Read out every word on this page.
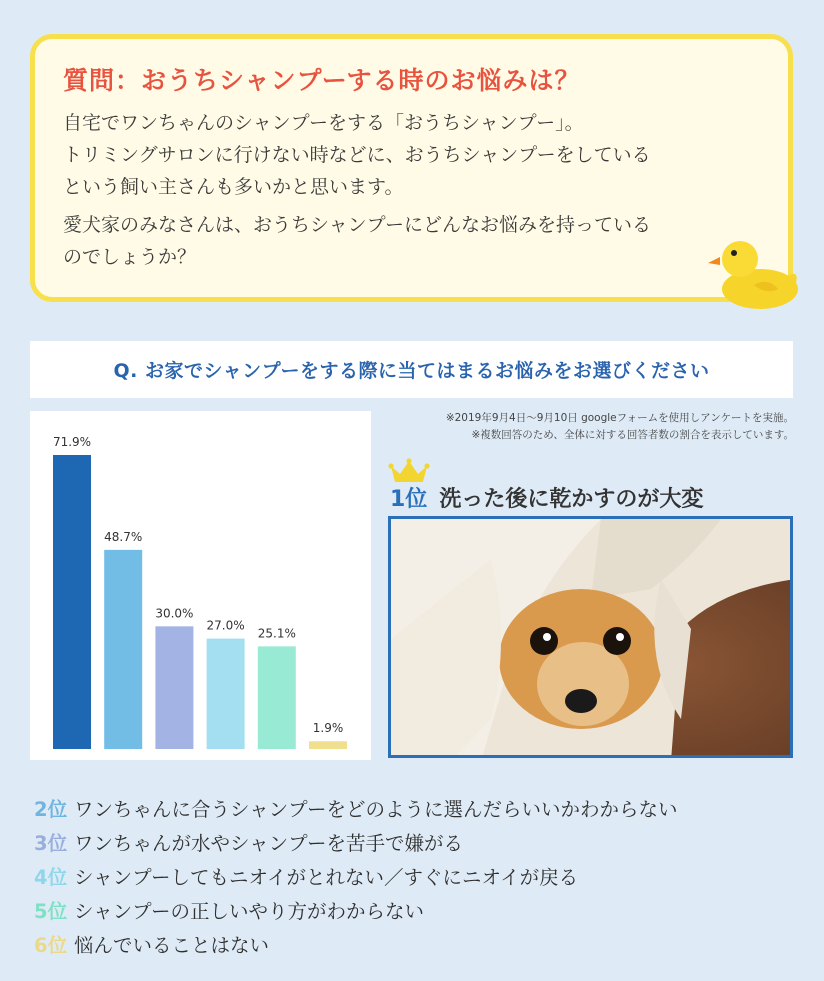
質問：おうちシャンプーする時のお悩みは？

自宅でワンちゃんのシャンプーをする「おうちシャンプー」。
トリミングサロンに行けない時などに、おうちシャンプーをしている
という飼い主さんも多いかと思います。

愛犬家のみなさんは、おうちシャンプーにどんなお悩みを持っている
のでしょうか？

Q. お家でシャンプーをする際に当てはまるお悩みをお選びください
71.9%
48.7%
30.0%
27.0%
25.1%
1.9%
※2019年9月4日～9月10日 googleフォームを使用しアンケートを実施。
※複数回答のため、全体に対する回答者数の割合を表示しています。
1位 洗った後に乾かすのが大変
2位 ワンちゃんに合うシャンプーをどのように選んだらいいかわからない
3位 ワンちゃんが水やシャンプーを苦手で嫌がる
4位 シャンプーしてもニオイがとれない／すぐにニオイが戻る
5位 シャンプーの正しいやり方がわからない
6位 悩んでいることはない
